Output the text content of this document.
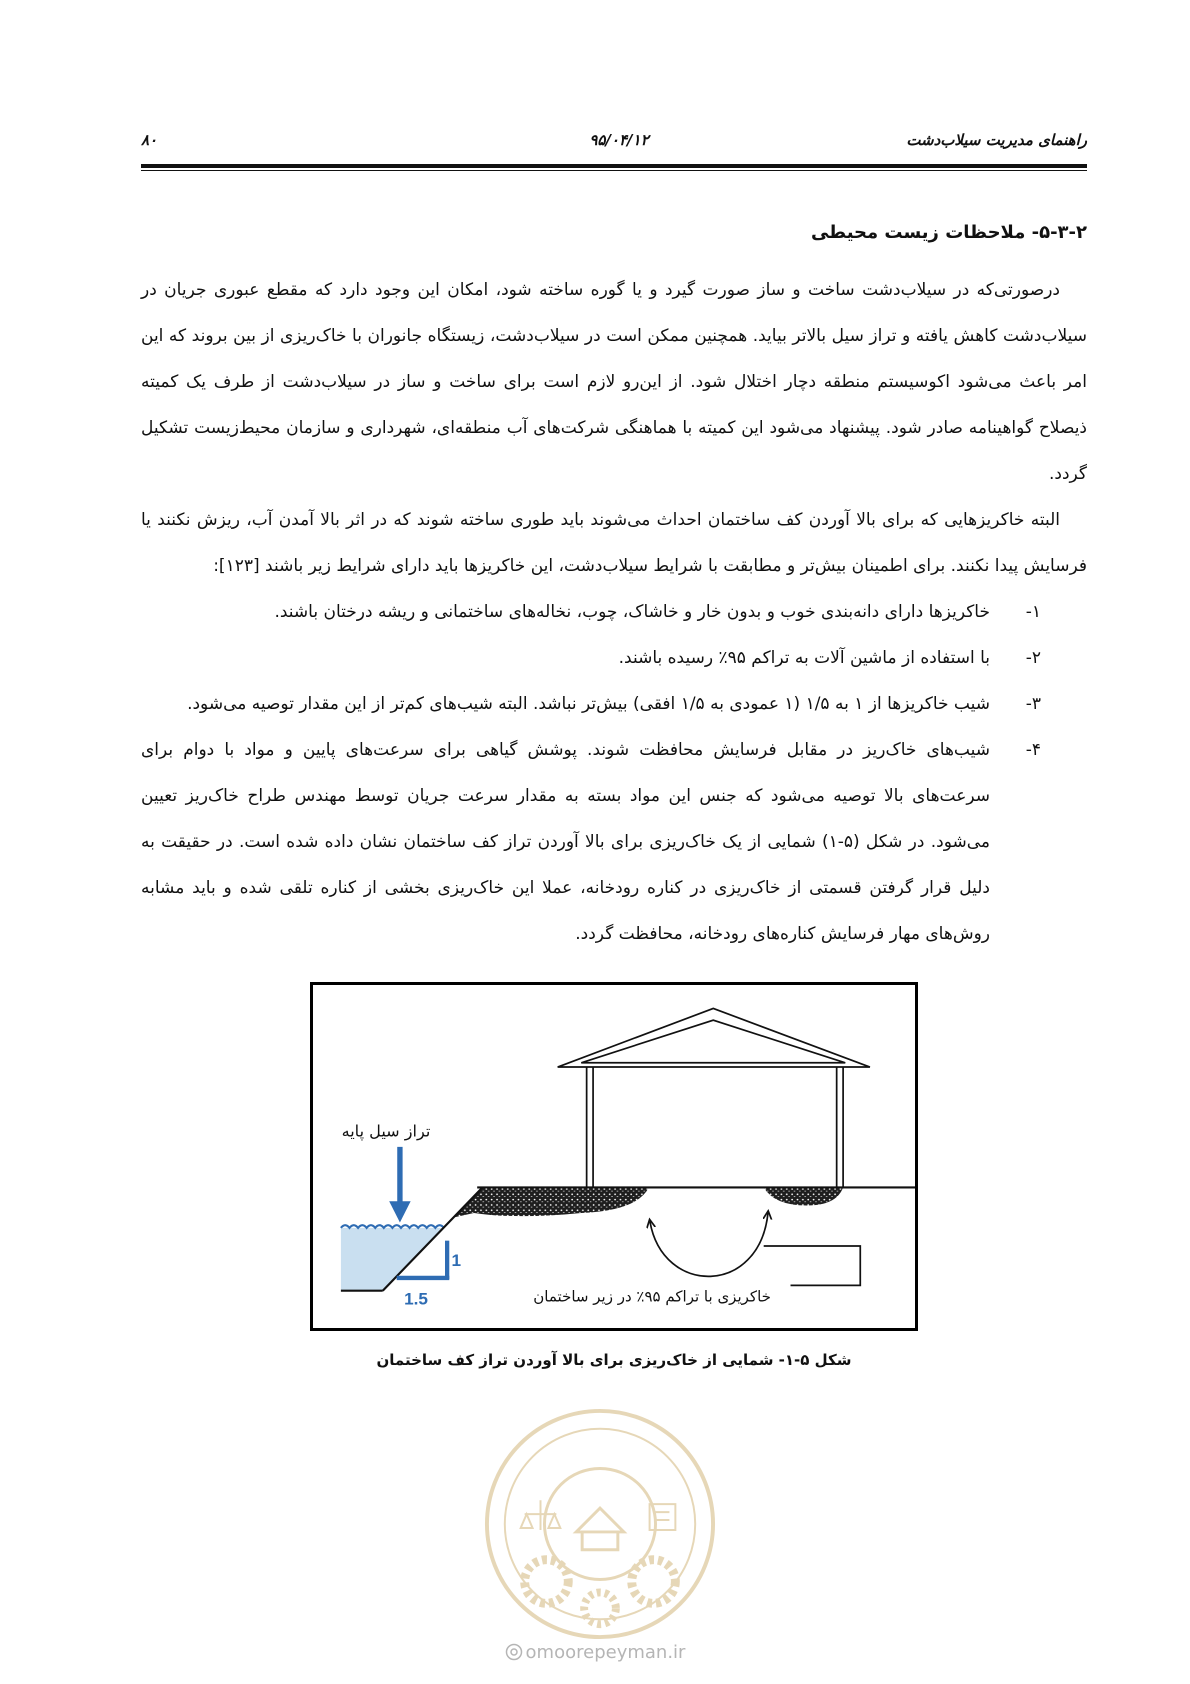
راهنمای مدیریت سیلاب‌دشت
۹۵/۰۴/۱۲
۸۰
۵-۳-۲- ملاحظات زیست محیطی

درصورتی‌که در سیلاب‌دشت ساخت و ساز صورت گیرد و یا گوره ساخته شود، امکان این وجود دارد که مقطع عبوری جریان در سیلاب‌دشت کاهش یافته و تراز سیل بالاتر بیاید. همچنین ممکن است در سیلاب‌دشت، زیستگاه جانوران با خاک‌ریزی از بین بروند که این امر باعث می‌شود اکوسیستم منطقه دچار اختلال شود. از این‌رو لازم است برای ساخت و ساز در سیلاب‌دشت از طرف یک کمیته ذیصلاح گواهینامه صادر شود. پیشنهاد می‌شود این کمیته با هماهنگی شرکت‌های آب منطقه‌ای، شهرداری و سازمان محیط‌زیست تشکیل گردد.

البته خاکریزهایی که برای بالا آوردن کف ساختمان احداث می‌شوند باید طوری ساخته شوند که در اثر بالا آمدن آب، ریزش نکنند یا فرسایش پیدا نکنند. برای اطمینان بیش‌تر و مطابقت با شرایط سیلاب‌دشت، این خاکریزها باید دارای شرایط زیر باشند [۱۲۳]:

۱-
خاکریزها دارای دانه‌بندی خوب و بدون خار و خاشاک، چوب، نخاله‌های ساختمانی و ریشه درختان باشند.
۲-
با استفاده از ماشین آلات به تراکم ۹۵٪ رسیده باشند.
۳-
شیب خاکریزها از ۱ به ۱/۵ (۱ عمودی به ۱/۵ افقی) بیش‌تر نباشد. البته شیب‌های کم‌تر از این مقدار توصیه می‌شود.
۴-
شیب‌های خاک‌ریز در مقابل فرسایش محافظت شوند. پوشش گیاهی برای سرعت‌های پایین و مواد با دوام برای سرعت‌های بالا توصیه می‌شود که جنس این مواد بسته به مقدار سرعت جریان توسط مهندس طراح خاک‌ریز تعیین می‌شود. در شکل (۵-۱) شمایی از یک خاک‌ریزی برای بالا آوردن تراز کف ساختمان نشان داده شده است. در حقیقت به دلیل قرار گرفتن قسمتی از خاک‌ریزی در کناره رودخانه، عملا این خاک‌ریزی بخشی از کناره تلقی شده و باید مشابه روش‌های مهار فرسایش کناره‌های رودخانه، محافظت گردد.
تراز سیل پایه
1
1.5	خاکریزی با تراکم ۹۵٪ در زیر ساختمان

شکل ۵-۱- شمایی از خاک‌ریزی برای بالا آوردن تراز کف ساختمان

omoorepeyman.ir
